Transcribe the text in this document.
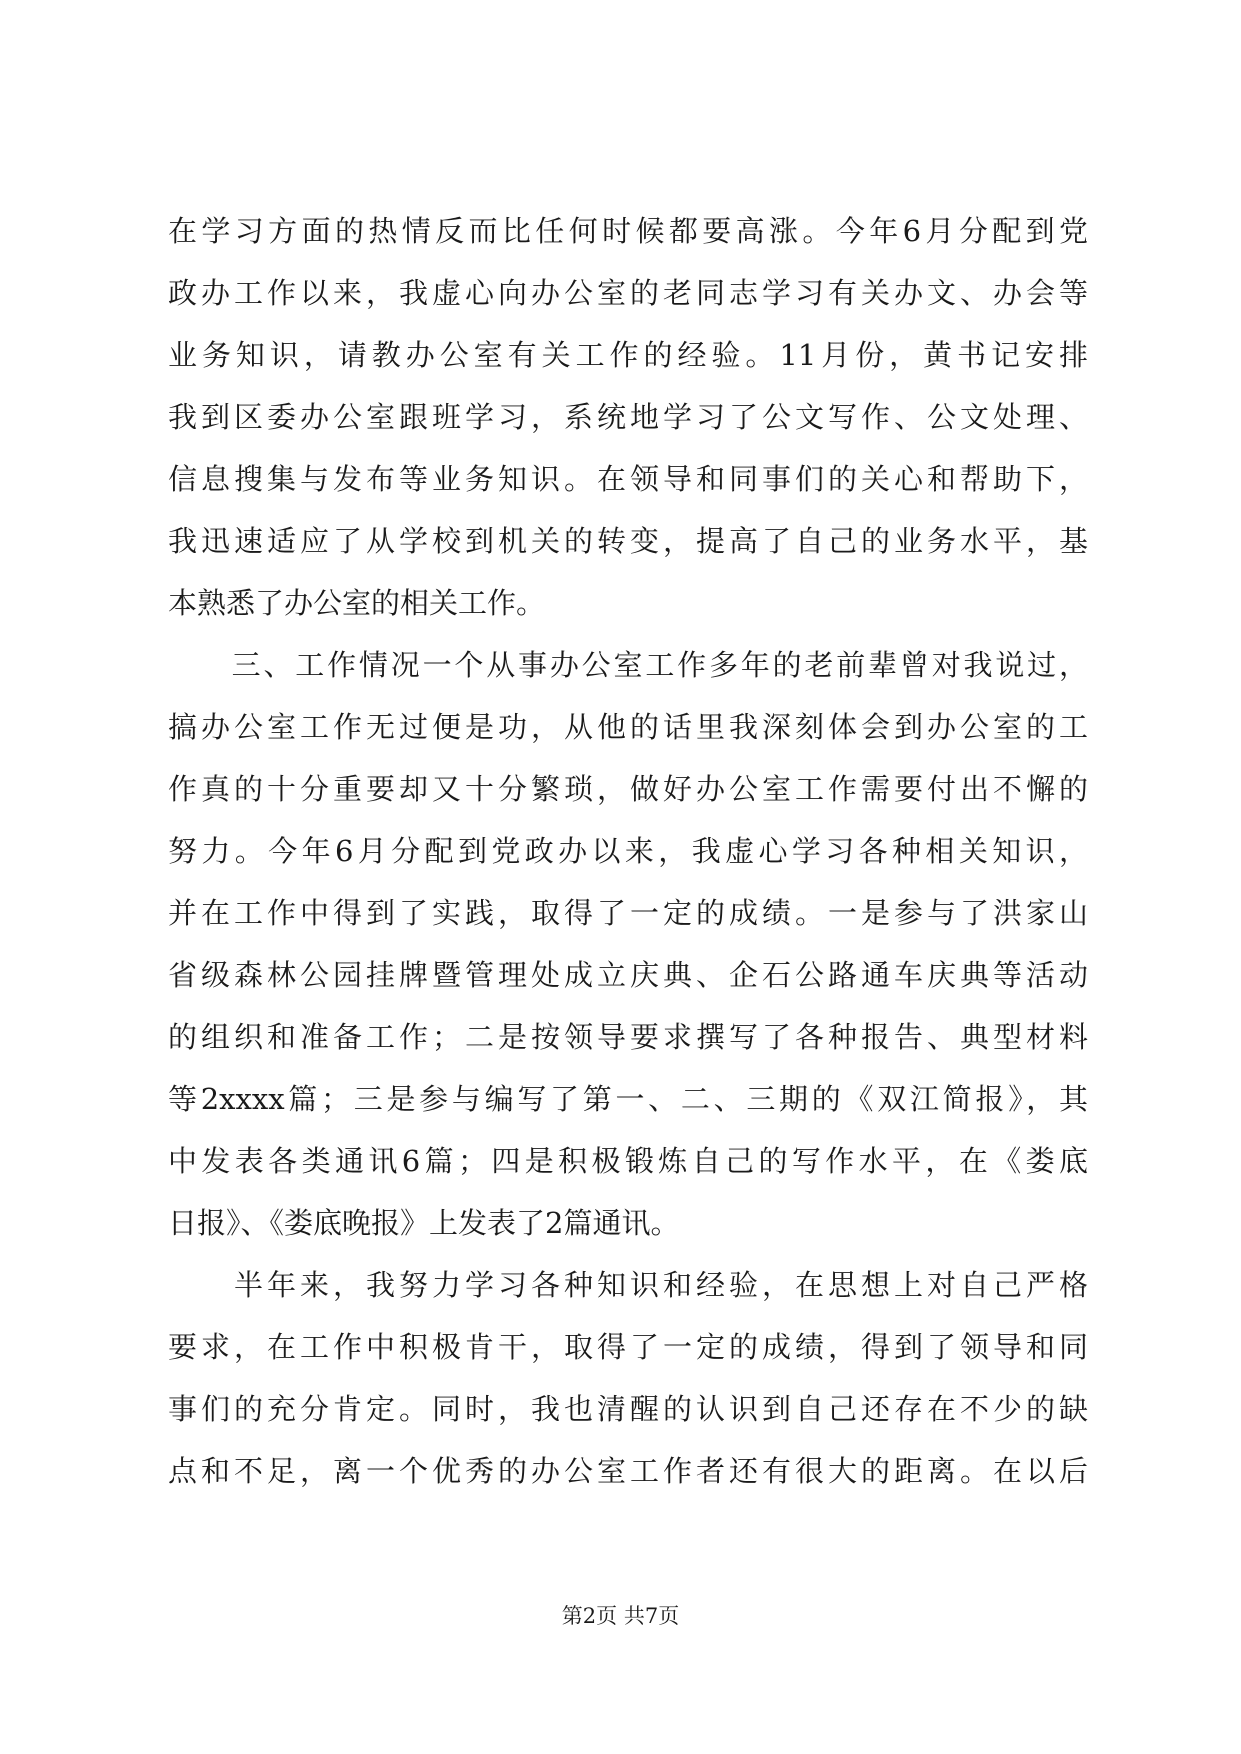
在学习方面的热情反而比任何时候都要高涨。今年6月分配到党
政办工作以来，我虚心向办公室的老同志学习有关办文、办会等
业务知识，请教办公室有关工作的经验。11月份，黄书记安排
我到区委办公室跟班学习，系统地学习了公文写作、公文处理、
信息搜集与发布等业务知识。在领导和同事们的关心和帮助下，
我迅速适应了从学校到机关的转变，提高了自己的业务水平，基
本熟悉了办公室的相关工作。
　　三、工作情况一个从事办公室工作多年的老前辈曾对我说过，
搞办公室工作无过便是功，从他的话里我深刻体会到办公室的工
作真的十分重要却又十分繁琐，做好办公室工作需要付出不懈的
努力。今年6月分配到党政办以来，我虚心学习各种相关知识，
并在工作中得到了实践，取得了一定的成绩。一是参与了洪家山
省级森林公园挂牌暨管理处成立庆典、企石公路通车庆典等活动
的组织和准备工作；二是按领导要求撰写了各种报告、典型材料
等2xxxx篇；三是参与编写了第一、二、三期的《双江简报》，其
中发表各类通讯6篇；四是积极锻炼自己的写作水平，在《娄底
日报》、《娄底晚报》上发表了2篇通讯。
　　半年来，我努力学习各种知识和经验，在思想上对自己严格
要求，在工作中积极肯干，取得了一定的成绩，得到了领导和同
事们的充分肯定。同时，我也清醒的认识到自己还存在不少的缺
点和不足，离一个优秀的办公室工作者还有很大的距离。在以后
第2页 共7页
